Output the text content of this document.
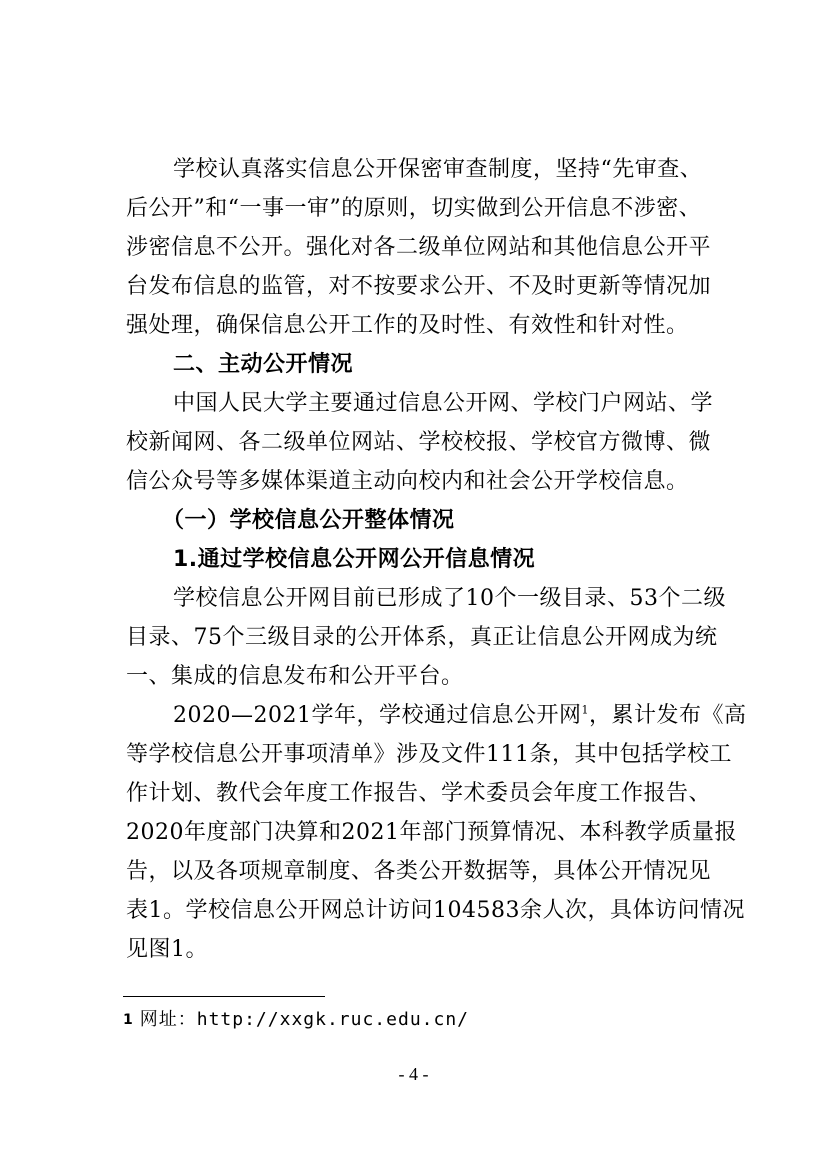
学校认真落实信息公开保密审查制度，坚持“先审查、
后公开”和“一事一审”的原则，切实做到公开信息不涉密、
涉密信息不公开。强化对各二级单位网站和其他信息公开平
台发布信息的监管，对不按要求公开、不及时更新等情况加
强处理，确保信息公开工作的及时性、有效性和针对性。
二、主动公开情况
中国人民大学主要通过信息公开网、学校门户网站、学
校新闻网、各二级单位网站、学校校报、学校官方微博、微
信公众号等多媒体渠道主动向校内和社会公开学校信息。
（一）学校信息公开整体情况
1.通过学校信息公开网公开信息情况
学校信息公开网目前已形成了10个一级目录、53个二级
目录、75个三级目录的公开体系，真正让信息公开网成为统
一、集成的信息发布和公开平台。
2020—2021学年，学校通过信息公开网$^1$，累计发布《高
等学校信息公开事项清单》涉及文件111条，其中包括学校工
作计划、教代会年度工作报告、学术委员会年度工作报告、
2020年度部门决算和2021年部门预算情况、本科教学质量报
告，以及各项规章制度、各类公开数据等，具体公开情况见
表1。学校信息公开网总计访问104583余人次，具体访问情况
见图1。
$^1$ 网址：http://xxgk.ruc.edu.cn/
- 4 -
